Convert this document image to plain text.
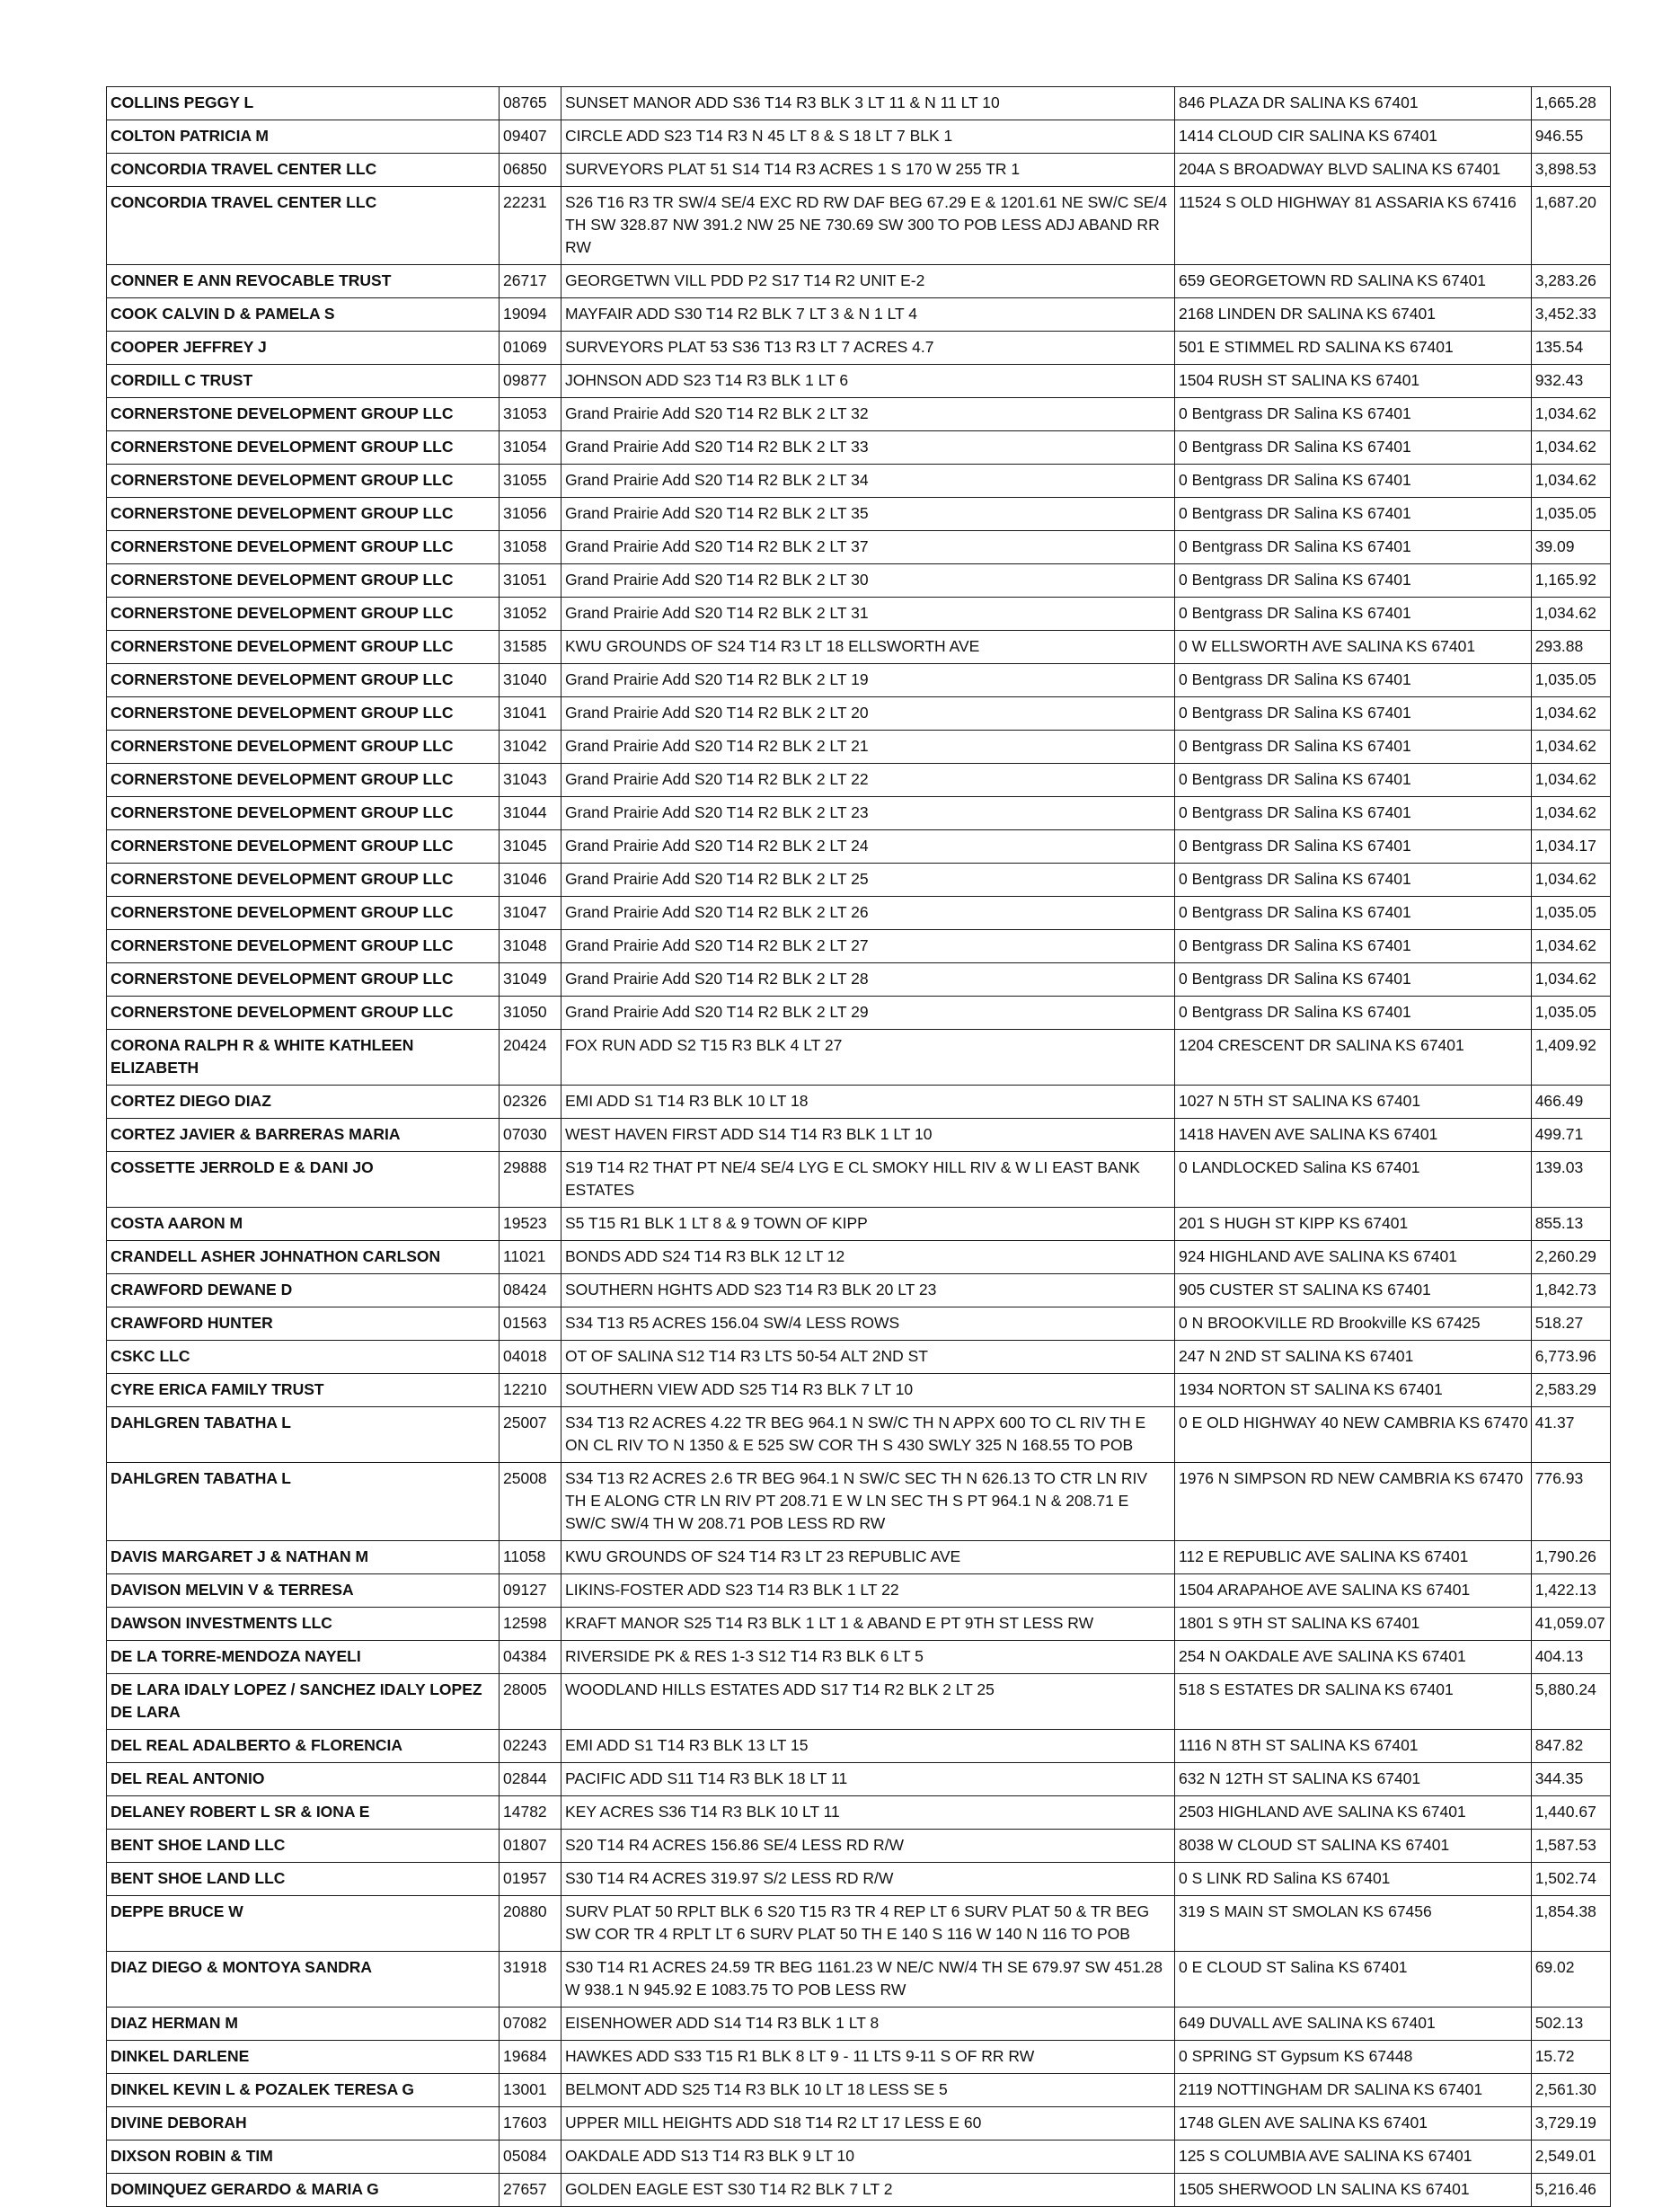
COLLINS PEGGY L	08765	SUNSET MANOR ADD S36 T14 R3 BLK 3 LT 11 & N 11 LT 10	846 PLAZA DR SALINA KS 67401	1,665.28
COLTON PATRICIA M	09407	CIRCLE ADD S23 T14 R3 N 45 LT 8 & S 18 LT 7 BLK 1	1414 CLOUD CIR SALINA KS 67401	946.55
CONCORDIA TRAVEL CENTER LLC	06850	SURVEYORS PLAT 51 S14 T14 R3 ACRES 1 S 170 W 255 TR 1	204A S BROADWAY BLVD SALINA KS 67401	3,898.53
CONCORDIA TRAVEL CENTER LLC	22231	S26 T16 R3 TR SW/4 SE/4 EXC RD RW DAF BEG 67.29 E & 1201.61 NE SW/C SE/4 TH SW 328.87 NW 391.2 NW 25 NE 730.69 SW 300 TO POB LESS ADJ ABAND RR RW	11524 S OLD HIGHWAY 81 ASSARIA KS 67416	1,687.20
CONNER E ANN REVOCABLE TRUST	26717	GEORGETWN VILL PDD P2 S17 T14 R2 UNIT E-2	659 GEORGETOWN RD SALINA KS 67401	3,283.26
COOK CALVIN D & PAMELA S	19094	MAYFAIR ADD S30 T14 R2 BLK 7 LT 3 & N 1 LT 4	2168 LINDEN DR SALINA KS 67401	3,452.33
COOPER JEFFREY J	01069	SURVEYORS PLAT 53 S36 T13 R3 LT 7 ACRES 4.7	501 E STIMMEL RD SALINA KS 67401	135.54
CORDILL C TRUST	09877	JOHNSON ADD S23 T14 R3 BLK 1 LT 6	1504 RUSH ST SALINA KS 67401	932.43
CORNERSTONE DEVELOPMENT GROUP LLC	31053	Grand Prairie Add S20 T14 R2 BLK 2 LT 32	0 Bentgrass DR Salina KS 67401	1,034.62
CORNERSTONE DEVELOPMENT GROUP LLC	31054	Grand Prairie Add S20 T14 R2 BLK 2 LT 33	0 Bentgrass DR Salina KS 67401	1,034.62
CORNERSTONE DEVELOPMENT GROUP LLC	31055	Grand Prairie Add S20 T14 R2 BLK 2 LT 34	0 Bentgrass DR Salina KS 67401	1,034.62
CORNERSTONE DEVELOPMENT GROUP LLC	31056	Grand Prairie Add S20 T14 R2 BLK 2 LT 35	0 Bentgrass DR Salina KS 67401	1,035.05
CORNERSTONE DEVELOPMENT GROUP LLC	31058	Grand Prairie Add S20 T14 R2 BLK 2 LT 37	0 Bentgrass DR Salina KS 67401	39.09
CORNERSTONE DEVELOPMENT GROUP LLC	31051	Grand Prairie Add S20 T14 R2 BLK 2 LT 30	0 Bentgrass DR Salina KS 67401	1,165.92
CORNERSTONE DEVELOPMENT GROUP LLC	31052	Grand Prairie Add S20 T14 R2 BLK 2 LT 31	0 Bentgrass DR Salina KS 67401	1,034.62
CORNERSTONE DEVELOPMENT GROUP LLC	31585	KWU GROUNDS OF S24 T14 R3 LT 18 ELLSWORTH AVE	0 W ELLSWORTH AVE SALINA KS 67401	293.88
CORNERSTONE DEVELOPMENT GROUP LLC	31040	Grand Prairie Add S20 T14 R2 BLK 2 LT 19	0 Bentgrass DR Salina KS 67401	1,035.05
CORNERSTONE DEVELOPMENT GROUP LLC	31041	Grand Prairie Add S20 T14 R2 BLK 2 LT 20	0 Bentgrass DR Salina KS 67401	1,034.62
CORNERSTONE DEVELOPMENT GROUP LLC	31042	Grand Prairie Add S20 T14 R2 BLK 2 LT 21	0 Bentgrass DR Salina KS 67401	1,034.62
CORNERSTONE DEVELOPMENT GROUP LLC	31043	Grand Prairie Add S20 T14 R2 BLK 2 LT 22	0 Bentgrass DR Salina KS 67401	1,034.62
CORNERSTONE DEVELOPMENT GROUP LLC	31044	Grand Prairie Add S20 T14 R2 BLK 2 LT 23	0 Bentgrass DR Salina KS 67401	1,034.62
CORNERSTONE DEVELOPMENT GROUP LLC	31045	Grand Prairie Add S20 T14 R2 BLK 2 LT 24	0 Bentgrass DR Salina KS 67401	1,034.17
CORNERSTONE DEVELOPMENT GROUP LLC	31046	Grand Prairie Add S20 T14 R2 BLK 2 LT 25	0 Bentgrass DR Salina KS 67401	1,034.62
CORNERSTONE DEVELOPMENT GROUP LLC	31047	Grand Prairie Add S20 T14 R2 BLK 2 LT 26	0 Bentgrass DR Salina KS 67401	1,035.05
CORNERSTONE DEVELOPMENT GROUP LLC	31048	Grand Prairie Add S20 T14 R2 BLK 2 LT 27	0 Bentgrass DR Salina KS 67401	1,034.62
CORNERSTONE DEVELOPMENT GROUP LLC	31049	Grand Prairie Add S20 T14 R2 BLK 2 LT 28	0 Bentgrass DR Salina KS 67401	1,034.62
CORNERSTONE DEVELOPMENT GROUP LLC	31050	Grand Prairie Add S20 T14 R2 BLK 2 LT 29	0 Bentgrass DR Salina KS 67401	1,035.05
CORONA RALPH R & WHITE KATHLEEN ELIZABETH	20424	FOX RUN ADD S2 T15 R3 BLK 4 LT 27	1204 CRESCENT DR SALINA KS 67401	1,409.92
CORTEZ DIEGO DIAZ	02326	EMI ADD S1 T14 R3 BLK 10 LT 18	1027 N 5TH ST SALINA KS 67401	466.49
CORTEZ JAVIER & BARRERAS MARIA	07030	WEST HAVEN FIRST ADD S14 T14 R3 BLK 1 LT 10	1418 HAVEN AVE SALINA KS 67401	499.71
COSSETTE JERROLD E & DANI JO	29888	S19 T14 R2 THAT PT NE/4 SE/4 LYG E CL SMOKY HILL RIV & W LI EAST BANK ESTATES	0 LANDLOCKED Salina KS 67401	139.03
COSTA AARON M	19523	S5 T15 R1 BLK 1 LT 8 & 9 TOWN OF KIPP	201 S HUGH ST KIPP KS 67401	855.13
CRANDELL ASHER JOHNATHON CARLSON	11021	BONDS ADD S24 T14 R3 BLK 12 LT 12	924 HIGHLAND AVE SALINA KS 67401	2,260.29
CRAWFORD DEWANE D	08424	SOUTHERN HGHTS ADD S23 T14 R3 BLK 20 LT 23	905 CUSTER ST SALINA KS 67401	1,842.73
CRAWFORD HUNTER	01563	S34 T13 R5 ACRES 156.04 SW/4 LESS ROWS	0 N BROOKVILLE RD Brookville KS 67425	518.27
CSKC LLC	04018	OT OF SALINA S12 T14 R3 LTS 50-54 ALT 2ND ST	247 N 2ND ST SALINA KS 67401	6,773.96
CYRE ERICA FAMILY TRUST	12210	SOUTHERN VIEW ADD S25 T14 R3 BLK 7 LT 10	1934 NORTON ST SALINA KS 67401	2,583.29
DAHLGREN TABATHA L	25007	S34 T13 R2 ACRES 4.22 TR BEG 964.1 N SW/C TH N APPX 600 TO CL RIV TH E ON CL RIV TO N 1350 & E 525 SW COR TH S 430 SWLY 325 N 168.55 TO POB	0 E OLD HIGHWAY 40 NEW CAMBRIA KS 67470	41.37
DAHLGREN TABATHA L	25008	S34 T13 R2 ACRES 2.6 TR BEG 964.1 N SW/C SEC TH N 626.13 TO CTR LN RIV TH E ALONG CTR LN RIV PT 208.71 E W LN SEC TH S PT 964.1 N & 208.71 E SW/C SW/4 TH W 208.71 POB LESS RD RW	1976 N SIMPSON RD NEW CAMBRIA KS 67470	776.93
DAVIS MARGARET J & NATHAN M	11058	KWU GROUNDS OF S24 T14 R3 LT 23 REPUBLIC AVE	112 E REPUBLIC AVE SALINA KS 67401	1,790.26
DAVISON MELVIN V & TERRESA	09127	LIKINS-FOSTER ADD S23 T14 R3 BLK 1 LT 22	1504 ARAPAHOE AVE SALINA KS 67401	1,422.13
DAWSON INVESTMENTS LLC	12598	KRAFT MANOR S25 T14 R3 BLK 1 LT 1 & ABAND E PT 9TH ST LESS RW	1801 S 9TH ST SALINA KS 67401	41,059.07
DE LA TORRE-MENDOZA NAYELI	04384	RIVERSIDE PK & RES 1-3 S12 T14 R3 BLK 6 LT 5	254 N OAKDALE AVE SALINA KS 67401	404.13
DE LARA IDALY LOPEZ / SANCHEZ IDALY LOPEZ DE LARA	28005	WOODLAND HILLS ESTATES ADD S17 T14 R2 BLK 2 LT 25	518 S ESTATES DR SALINA KS 67401	5,880.24
DEL REAL ADALBERTO & FLORENCIA	02243	EMI ADD S1 T14 R3 BLK 13 LT 15	1116 N 8TH ST SALINA KS 67401	847.82
DEL REAL ANTONIO	02844	PACIFIC ADD S11 T14 R3 BLK 18 LT 11	632 N 12TH ST SALINA KS 67401	344.35
DELANEY ROBERT L SR & IONA E	14782	KEY ACRES S36 T14 R3 BLK 10 LT 11	2503 HIGHLAND AVE SALINA KS 67401	1,440.67
BENT SHOE LAND LLC	01807	S20 T14 R4 ACRES 156.86 SE/4 LESS RD R/W	8038 W CLOUD ST SALINA KS 67401	1,587.53
BENT SHOE LAND LLC	01957	S30 T14 R4 ACRES 319.97 S/2 LESS RD R/W	0 S LINK RD Salina KS 67401	1,502.74
DEPPE BRUCE W	20880	SURV PLAT 50 RPLT BLK 6 S20 T15 R3 TR 4 REP LT 6 SURV PLAT 50 & TR BEG SW COR TR 4 RPLT LT 6 SURV PLAT 50 TH E 140 S 116 W 140 N 116 TO POB	319 S MAIN ST SMOLAN KS 67456	1,854.38
DIAZ DIEGO & MONTOYA SANDRA	31918	S30 T14 R1 ACRES 24.59 TR BEG 1161.23 W NE/C NW/4 TH SE 679.97 SW 451.28 W 938.1 N 945.92 E 1083.75 TO POB LESS RW	0 E CLOUD ST Salina KS 67401	69.02
DIAZ HERMAN M	07082	EISENHOWER ADD S14 T14 R3 BLK 1 LT 8	649 DUVALL AVE SALINA KS 67401	502.13
DINKEL DARLENE	19684	HAWKES ADD S33 T15 R1 BLK 8 LT 9 - 11 LTS 9-11 S OF RR RW	0 SPRING ST Gypsum KS 67448	15.72
DINKEL KEVIN L & POZALEK TERESA G	13001	BELMONT ADD S25 T14 R3 BLK 10 LT 18 LESS SE 5	2119 NOTTINGHAM DR SALINA KS 67401	2,561.30
DIVINE DEBORAH	17603	UPPER MILL HEIGHTS ADD S18 T14 R2 LT 17 LESS E 60	1748 GLEN AVE SALINA KS 67401	3,729.19
DIXSON ROBIN & TIM	05084	OAKDALE ADD S13 T14 R3 BLK 9 LT 10	125 S COLUMBIA AVE SALINA KS 67401	2,549.01
DOMINQUEZ GERARDO & MARIA G	27657	GOLDEN EAGLE EST S30 T14 R2 BLK 7 LT 2	1505 SHERWOOD LN SALINA KS 67401	5,216.46
